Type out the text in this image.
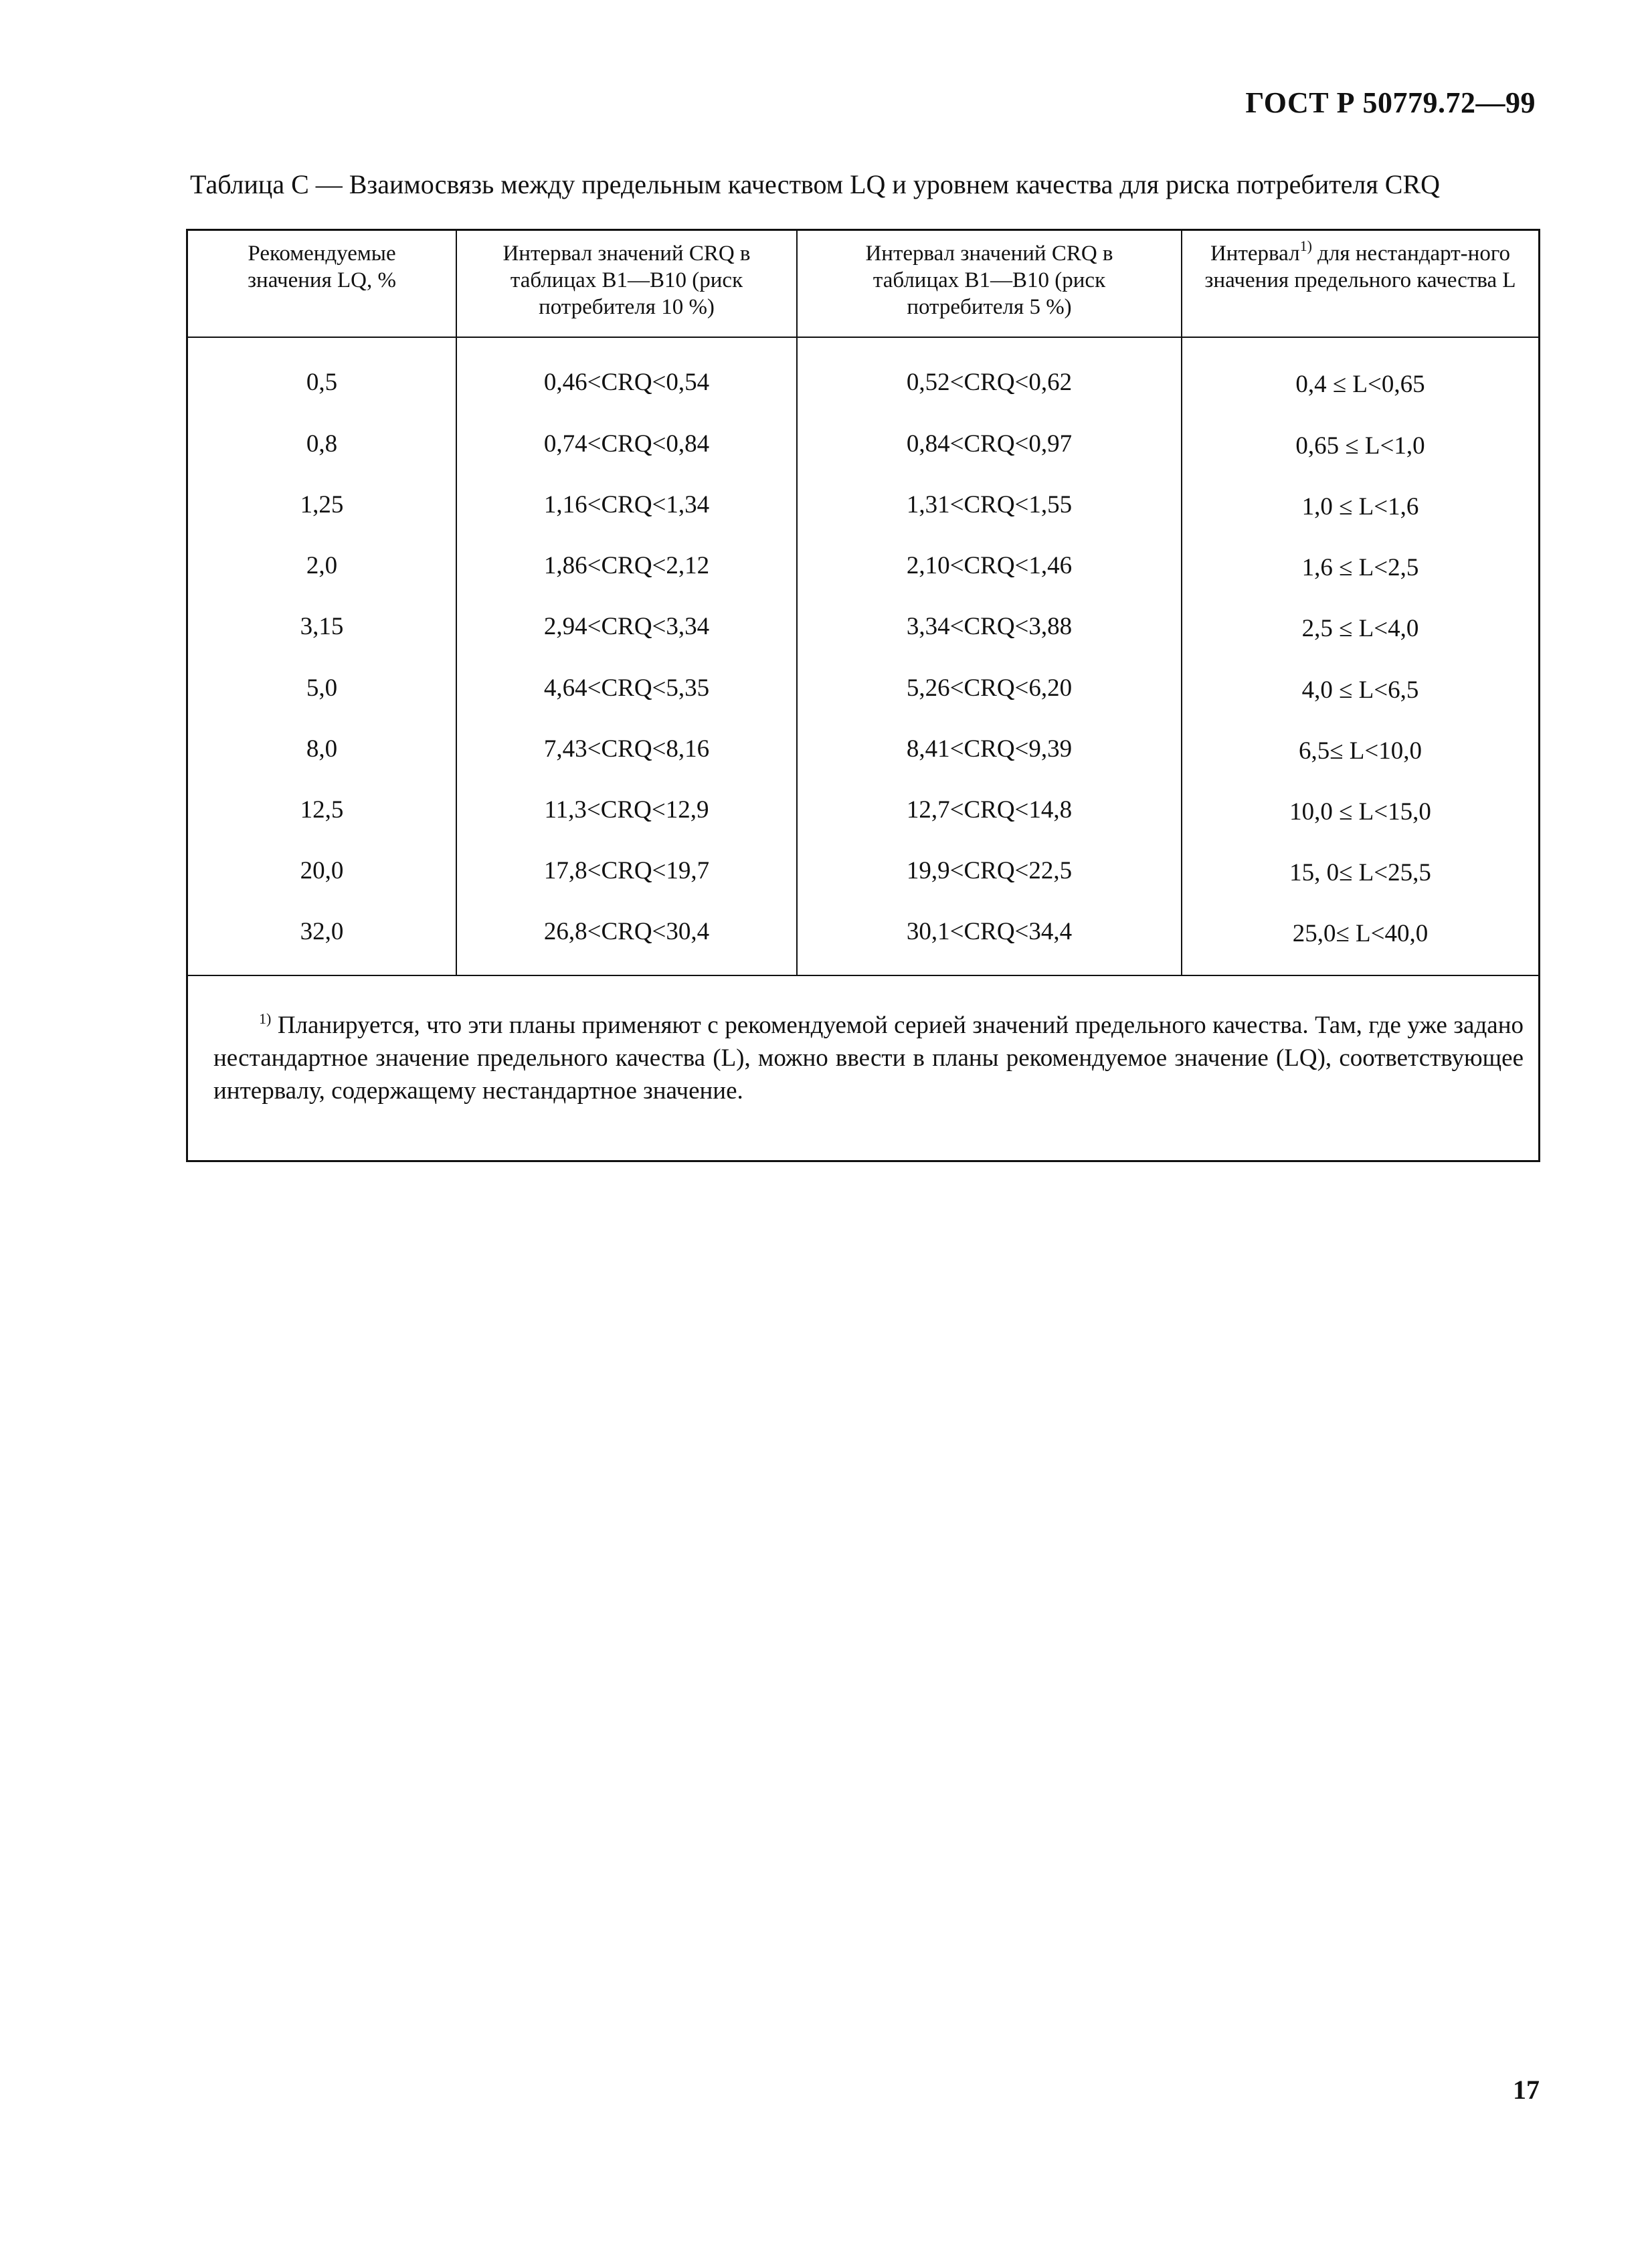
ГОСТ Р 50779.72—99
Таблица C — Взаимосвязь между предельным качеством LQ и уровнем качества для риска потребителя CRQ
Рекомендуемые значения LQ, %
Интервал значений CRQ в таблицах B1—B10 (риск потребителя 10 %)
Интервал значений CRQ в таблицах B1—B10 (риск потребителя 5 %)
Интервал$^{1)}$ для нестандарт-ного значения предельного качества L
0,5	0,46<CRQ<0,54	0,52<CRQ<0,62	0,4 ≤ L<0,65
0,8	0,74<CRQ<0,84	0,84<CRQ<0,97	0,65 ≤ L<1,0
1,25	1,16<CRQ<1,34	1,31<CRQ<1,55	1,0 ≤ L<1,6
2,0	1,86<CRQ<2,12	2,10<CRQ<1,46	1,6 ≤ L<2,5
3,15	2,94<CRQ<3,34	3,34<CRQ<3,88	2,5 ≤ L<4,0
5,0	4,64<CRQ<5,35	5,26<CRQ<6,20	4,0 ≤ L<6,5
8,0	7,43<CRQ<8,16	8,41<CRQ<9,39	6,5≤ L<10,0
12,5	11,3<CRQ<12,9	12,7<CRQ<14,8	10,0 ≤ L<15,0
20,0	17,8<CRQ<19,7	19,9<CRQ<22,5	15, 0≤ L<25,5
32,0	26,8<CRQ<30,4	30,1<CRQ<34,4	25,0≤ L<40,0
$^{1)}$ Планируется, что эти планы применяют с рекомендуемой серией значений предельного качества. Там, где уже задано нестандартное значение предельного качества (L), можно ввести в планы рекомендуемое значение (LQ), соответствующее интервалу, содержащему нестандартное значение.
17
